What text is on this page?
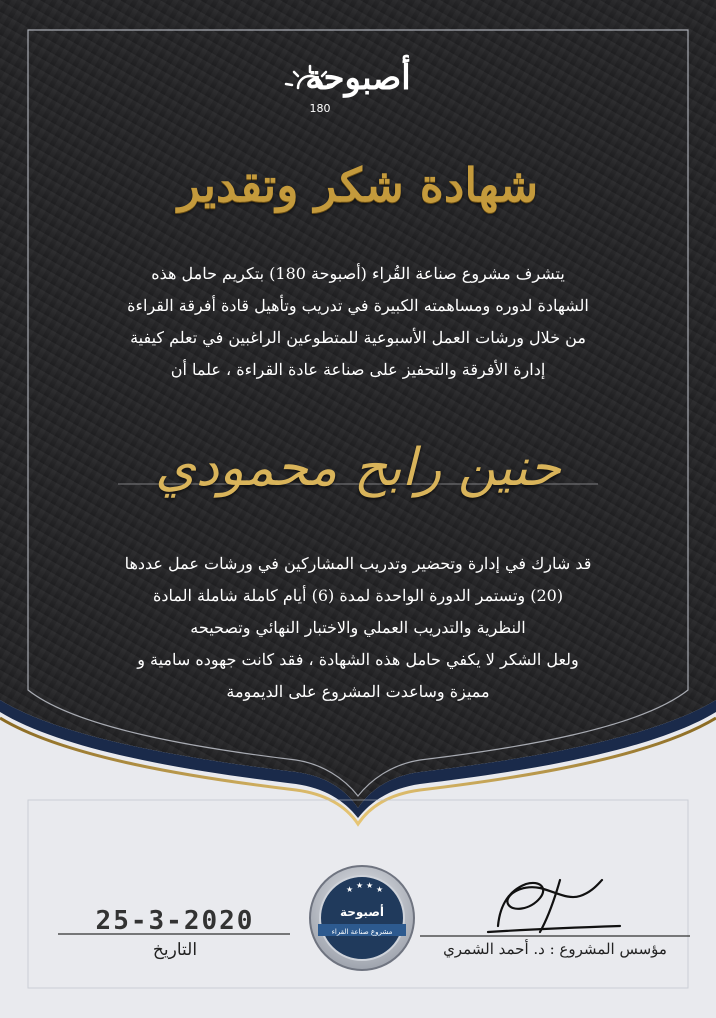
★ ★ ★ ★
أصبوحة
180
شهادة شكر وتقدير
يتشرف مشروع صناعة القُراء (أصبوحة 180) بتكريم حامل هذه
الشهادة لدوره ومساهمته الكبيرة في تدريب وتأهيل قادة أفرقة القراءة
من خلال ورشات العمل الأسبوعية للمتطوعين الراغبين في تعلم كيفية
إدارة الأفرقة والتحفيز على صناعة عادة القراءة ، علما أن
حنين رابح محمودي
قد شارك في إدارة وتحضير وتدريب المشاركين في ورشات عمل عددها
(20) وتستمر الدورة الواحدة لمدة (6) أيام كاملة شاملة المادة
النظرية والتدريب العملي والاختبار النهائي وتصحيحه
ولعل الشكر لا يكفي حامل هذه الشهادة ، فقد كانت جهوده سامية و
مميزة وساعدت المشروع على الديمومة
أصبوحة
مشروع صناعة القراء
25-3-2020
التاريخ	مؤسس المشروع : د. أحمد الشمري
